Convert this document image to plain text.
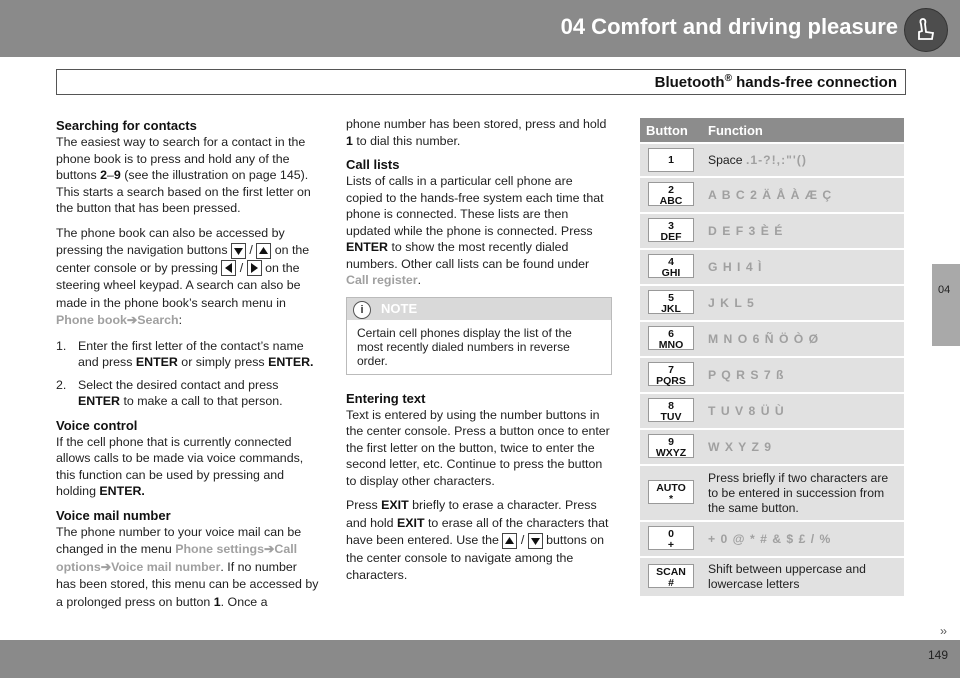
04 Comfort and driving pleasure
Bluetooth® hands-free connection
04
Searching for contacts

The easiest way to search for a contact in the phone book is to press and hold any of the buttons 2–9 (see the illustration on page 145). This starts a search based on the first letter on the button that has been pressed.

The phone book can also be accessed by pressing the navigation buttons  /  on the center console or by pressing  /  on the steering wheel keypad. A search can also be made in the phone book’s search menu in Phone book➔Search:

1. Enter the first letter of the contact’s name and press ENTER or simply press ENTER.
2. Select the desired contact and press ENTER to make a call to that person.
Voice control

If the cell phone that is currently connected allows calls to be made via voice commands, this function can be used by pressing and holding ENTER.

Voice mail number

The phone number to your voice mail can be changed in the menu Phone settings➔Call options➔Voice mail number. If no number has been stored, this menu can be accessed by a prolonged press on button 1. Once a

phone number has been stored, press and hold 1 to dial this number.

Call lists

Lists of calls in a particular cell phone are copied to the hands-free system each time that phone is connected. These lists are then updated while the phone is connected. Press ENTER to show the most recently dialed numbers. Other call lists can be found under Call register.

i	NOTE
Certain cell phones display the list of the most recently dialed numbers in reverse order.
Entering text

Text is entered by using the number buttons in the center console. Press a button once to enter the first letter on the button, twice to enter the second letter, etc. Continue to press the button to display other characters.

Press EXIT briefly to erase a character. Press and hold EXIT to erase all of the characters that have been entered. Use the  /  buttons on the center console to navigate among the characters.

Button	Function

1	Space .1-?!,:"'()

2
ABC	A B C 2 Ä Å À Æ Ç

3
DEF	D E F 3 È É

4
GHI	G H I 4 Ì

5
JKL	J K L 5

6
MNO	M N O 6 Ñ Ö Ò Ø

7
PQRS	P Q R S 7 ß

8
TUV	T U V 8 Ü Ù

9
WXYZ	W X Y Z 9

AUTO
*	Press briefly if two characters are to be entered in succession from the same button.

0
+	+ 0 @ * # & $ £ / %

SCAN
#	Shift between uppercase and lowercase letters
››
149
